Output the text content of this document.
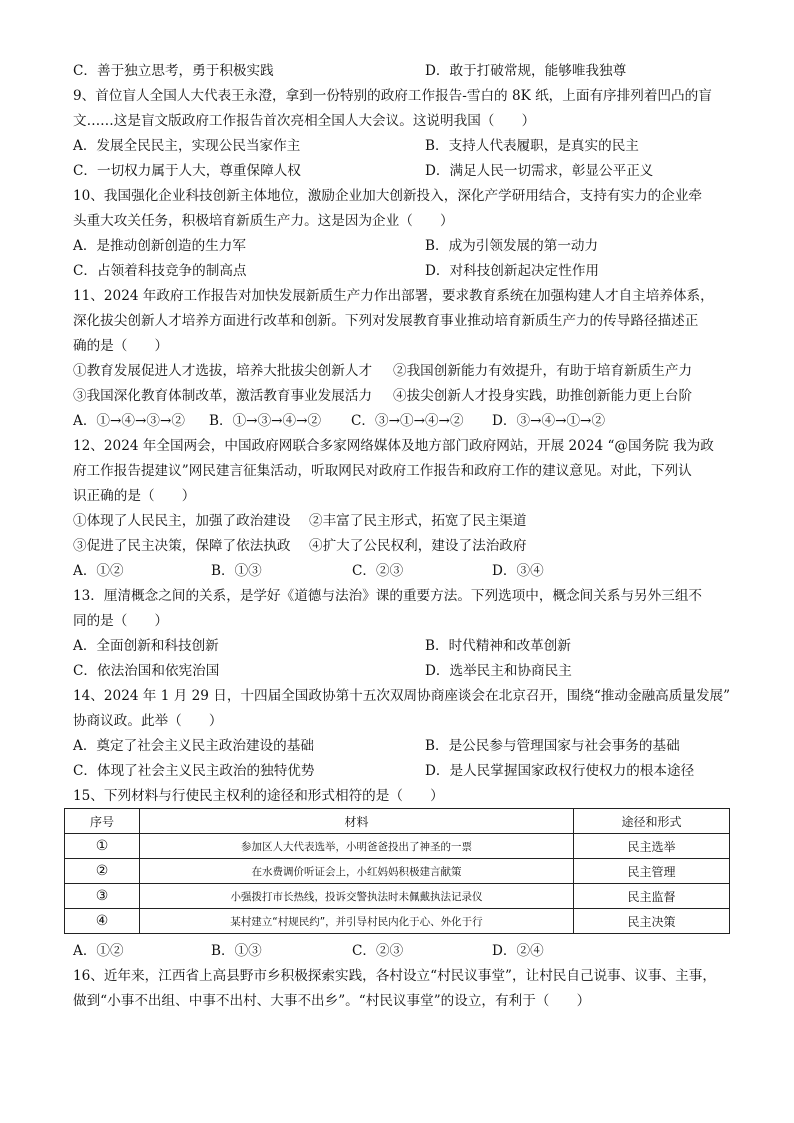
C．善于独立思考，勇于积极实践	D．敢于打破常规，能够唯我独尊
9、首位盲人全国人大代表王永澄，拿到一份特别的政府工作报告-雪白的 8K 纸，上面有序排列着凹凸的盲
文……这是盲文版政府工作报告首次亮相全国人大会议。这说明我国（　　）
A．发展全民民主，实现公民当家作主	B．支持人代表履职，是真实的民主
C．一切权力属于人大，尊重保障人权	D．满足人民一切需求，彰显公平正义
10、我国强化企业科技创新主体地位，激励企业加大创新投入，深化产学研用结合，支持有实力的企业牵
头重大攻关任务，积极培育新质生产力。这是因为企业（　　）
A．是推动创新创造的生力军	B．成为引领发展的第一动力
C．占领着科技竞争的制高点	D．对科技创新起决定性作用
11、2024 年政府工作报告对加快发展新质生产力作出部署，要求教育系统在加强构建人才自主培养体系，
深化拔尖创新人才培养方面进行改革和创新。下列对发展教育事业推动培育新质生产力的传导路径描述正
确的是（　　）
①教育发展促进人才选拔，培养大批拔尖创新人才 ②我国创新能力有效提升，有助于培育新质生产力
③我国深化教育体制改革，激活教育事业发展活力 ④拔尖创新人才投身实践，助推创新能力更上台阶
A．①→④→③→② B．①→③→④→② C．③→①→④→② D．③→④→①→②
12、2024 年全国两会，中国政府网联合多家网络媒体及地方部门政府网站，开展 2024 “@国务院 我为政
府工作报告提建议”网民建言征集活动，听取网民对政府工作报告和政府工作的建议意见。对此，下列认
识正确的是（　　）
①体现了人民民主，加强了政治建设 ②丰富了民主形式，拓宽了民主渠道
③促进了民主决策，保障了依法执政 ④扩大了公民权利，建设了法治政府
A．①②	B．①③	C．②③	D．③④
13．厘清概念之间的关系，是学好《道德与法治》课的重要方法。下列选项中，概念间关系与另外三组不
同的是（　　）
A．全面创新和科技创新	B．时代精神和改革创新
C．依法治国和依宪治国	D．选举民主和协商民主
14、2024 年 1 月 29 日，十四届全国政协第十五次双周协商座谈会在北京召开，围绕“推动金融高质量发展”
协商议政。此举（　　）
A．奠定了社会主义民主政治建设的基础	B．是公民参与管理国家与社会事务的基础
C．体现了社会主义民主政治的独特优势	D．是人民掌握国家政权行使权力的根本途径
15、下列材料与行使民主权利的途径和形式相符的是（　　）
序号	材料	途径和形式
①	参加区人大代表选举，小明爸爸投出了神圣的一票	民主选举
②	在水费调价听证会上，小红妈妈积极建言献策	民主管理
③	小强拨打市长热线，投诉交警执法时未佩戴执法记录仪	民主监督
④	某村建立“村规民约”，并引导村民内化于心、外化于行	民主决策
A．①②	B．①③	C．②③	D．②④
16、近年来，江西省上高县野市乡积极探索实践，各村设立“村民议事堂”，让村民自己说事、议事、主事，
做到“小事不出组、中事不出村、大事不出乡”。“村民议事堂”的设立，有利于（　　）
